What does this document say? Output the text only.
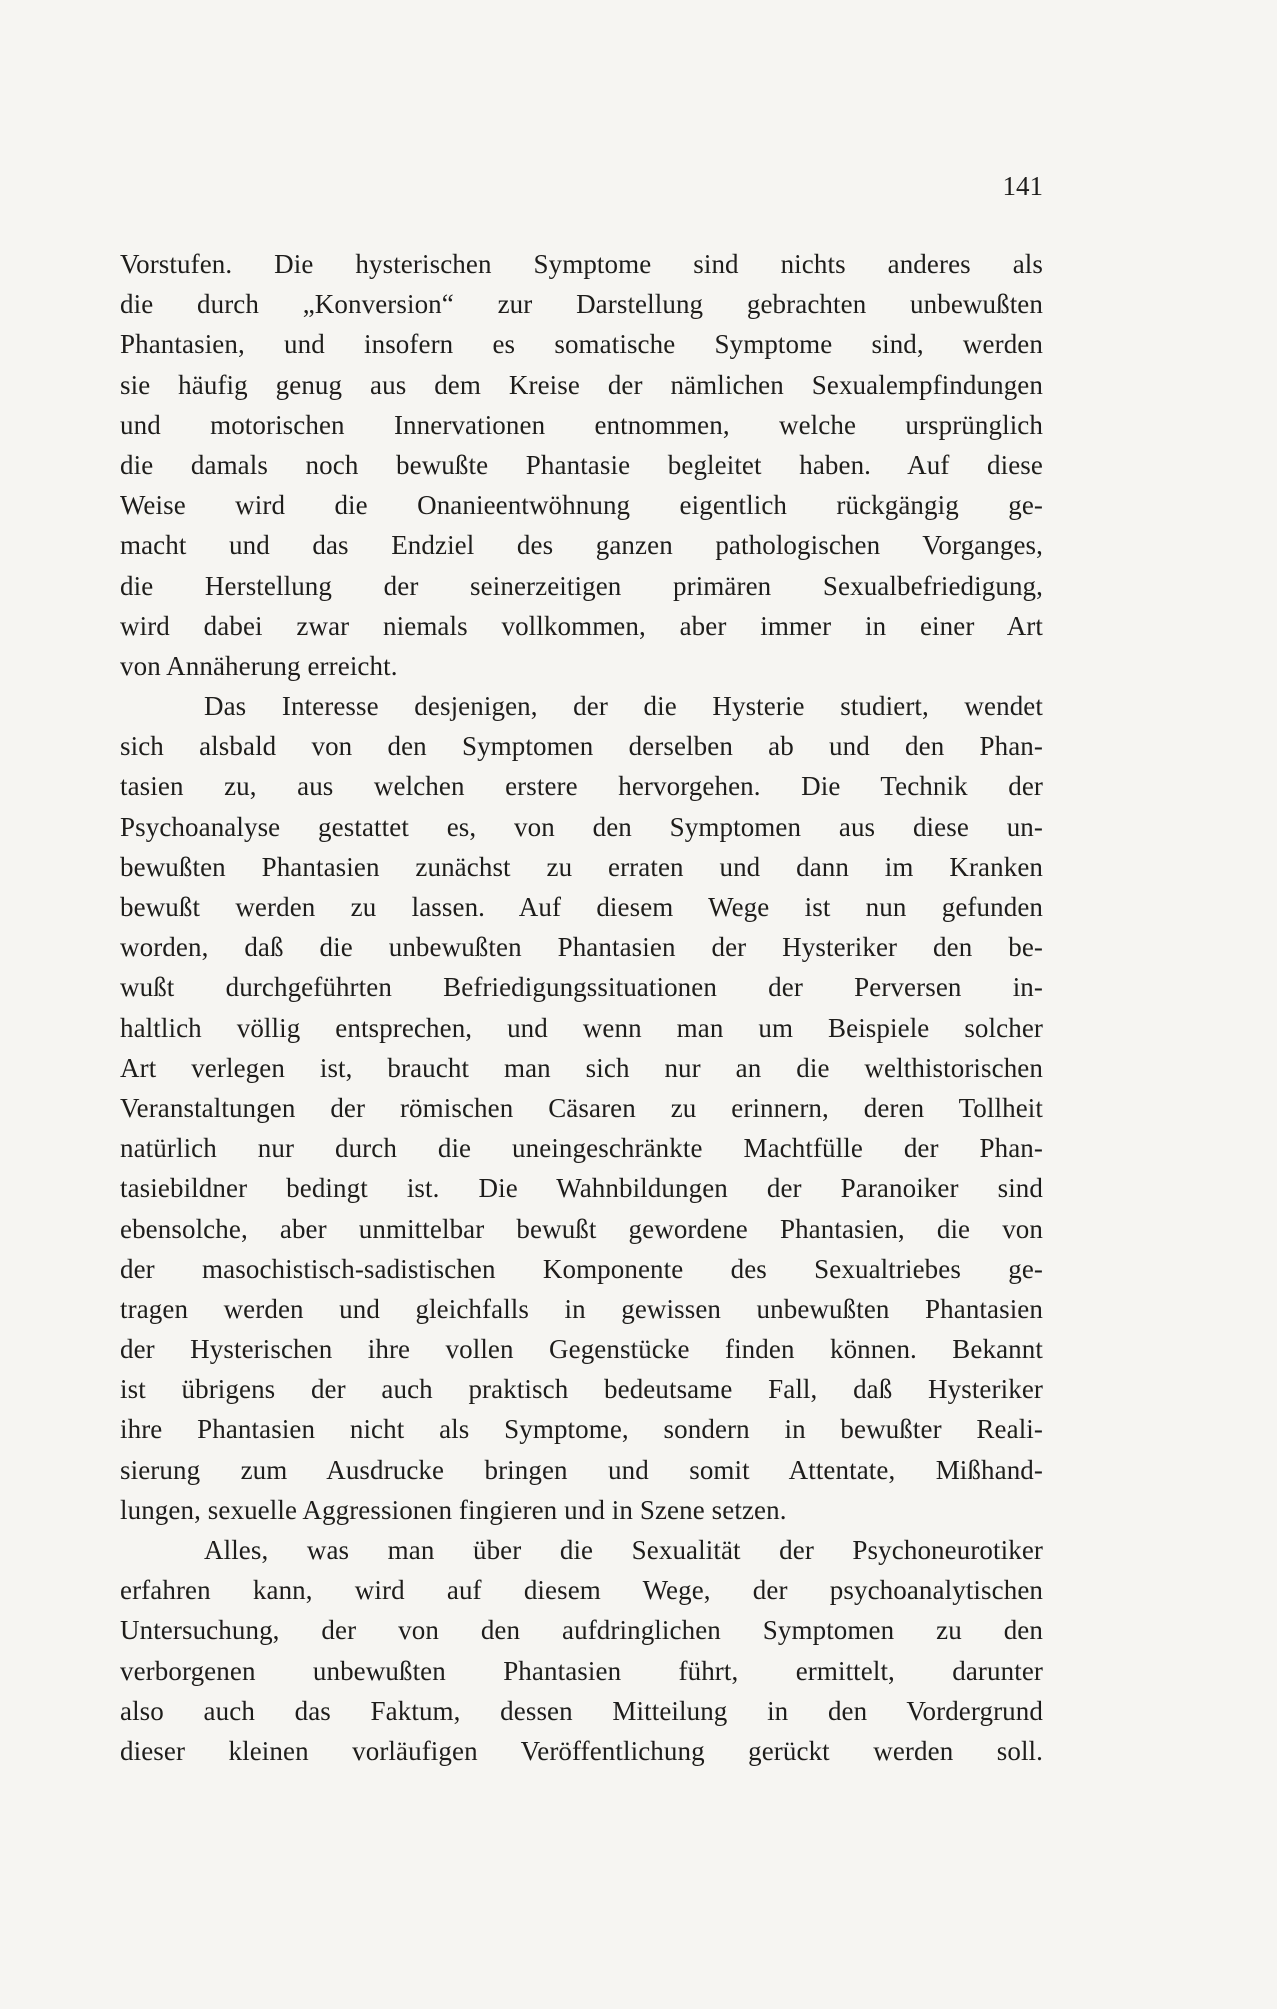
141
Vorstufen. Die hysterischen Symptome sind nichts anderes als
die durch „Konversion“ zur Darstellung gebrachten unbewußten
Phantasien, und insofern es somatische Symptome sind, werden
sie häufig genug aus dem Kreise der nämlichen Sexualempfindungen
und motorischen Innervationen entnommen, welche ursprünglich
die damals noch bewußte Phantasie begleitet haben. Auf diese
Weise wird die Onanieentwöhnung eigentlich rückgängig ge-
macht und das Endziel des ganzen pathologischen Vorganges,
die Herstellung der seinerzeitigen primären Sexualbefriedigung,
wird dabei zwar niemals vollkommen, aber immer in einer Art
von Annäherung erreicht.
Das Interesse desjenigen, der die Hysterie studiert, wendet
sich alsbald von den Symptomen derselben ab und den Phan-
tasien zu, aus welchen erstere hervorgehen. Die Technik der
Psychoanalyse gestattet es, von den Symptomen aus diese un-
bewußten Phantasien zunächst zu erraten und dann im Kranken
bewußt werden zu lassen. Auf diesem Wege ist nun gefunden
worden, daß die unbewußten Phantasien der Hysteriker den be-
wußt durchgeführten Befriedigungssituationen der Perversen in-
haltlich völlig entsprechen, und wenn man um Beispiele solcher
Art verlegen ist, braucht man sich nur an die welthistorischen
Veranstaltungen der römischen Cäsaren zu erinnern, deren Tollheit
natürlich nur durch die uneingeschränkte Machtfülle der Phan-
tasiebildner bedingt ist. Die Wahnbildungen der Paranoiker sind
ebensolche, aber unmittelbar bewußt gewordene Phantasien, die von
der masochistisch-sadistischen Komponente des Sexualtriebes ge-
tragen werden und gleichfalls in gewissen unbewußten Phantasien
der Hysterischen ihre vollen Gegenstücke finden können. Bekannt
ist übrigens der auch praktisch bedeutsame Fall, daß Hysteriker
ihre Phantasien nicht als Symptome, sondern in bewußter Reali-
sierung zum Ausdrucke bringen und somit Attentate, Mißhand-
lungen, sexuelle Aggressionen fingieren und in Szene setzen.
Alles, was man über die Sexualität der Psychoneurotiker
erfahren kann, wird auf diesem Wege, der psychoanalytischen
Untersuchung, der von den aufdringlichen Symptomen zu den
verborgenen unbewußten Phantasien führt, ermittelt, darunter
also auch das Faktum, dessen Mitteilung in den Vordergrund
dieser kleinen vorläufigen Veröffentlichung gerückt werden soll.
